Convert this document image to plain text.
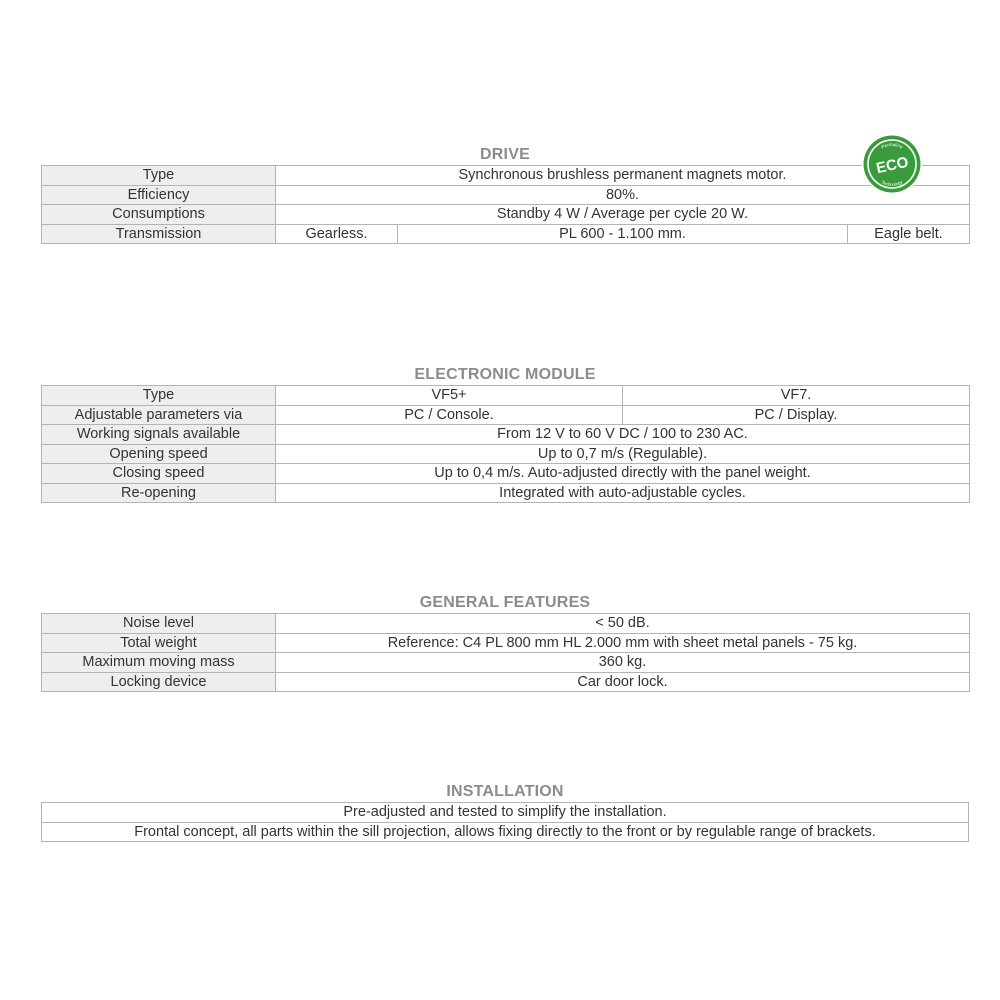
DRIVE
Type	Synchronous brushless permanent magnets motor.		
Efficiency	80%.		
Consumptions	Standby 4 W / Average per cycle 20 W.		
Transmission	Gearless.	PL 600 - 1.100 mm.	Eagle belt.
Permaline
ECO
Technology
ELECTRONIC MODULE
Type	VF5+	VF7.
Adjustable parameters via	PC / Console.	PC / Display.
Working signals available	From 12 V to 60 V DC / 100 to 230 AC.	
Opening speed	Up to 0,7 m/s (Regulable).	
Closing speed	Up to 0,4 m/s. Auto-adjusted directly with the panel weight.	
Re-opening	Integrated with auto-adjustable cycles.	
GENERAL FEATURES
Noise level	< 50 dB.
Total weight	Reference: C4 PL 800 mm HL 2.000 mm with sheet metal panels - 75 kg.
Maximum moving mass	360 kg.
Locking device	Car door lock.
INSTALLATION
Pre-adjusted and tested to simplify the installation.
Frontal concept, all parts within the sill projection, allows fixing directly to the front or by regulable range of brackets.
